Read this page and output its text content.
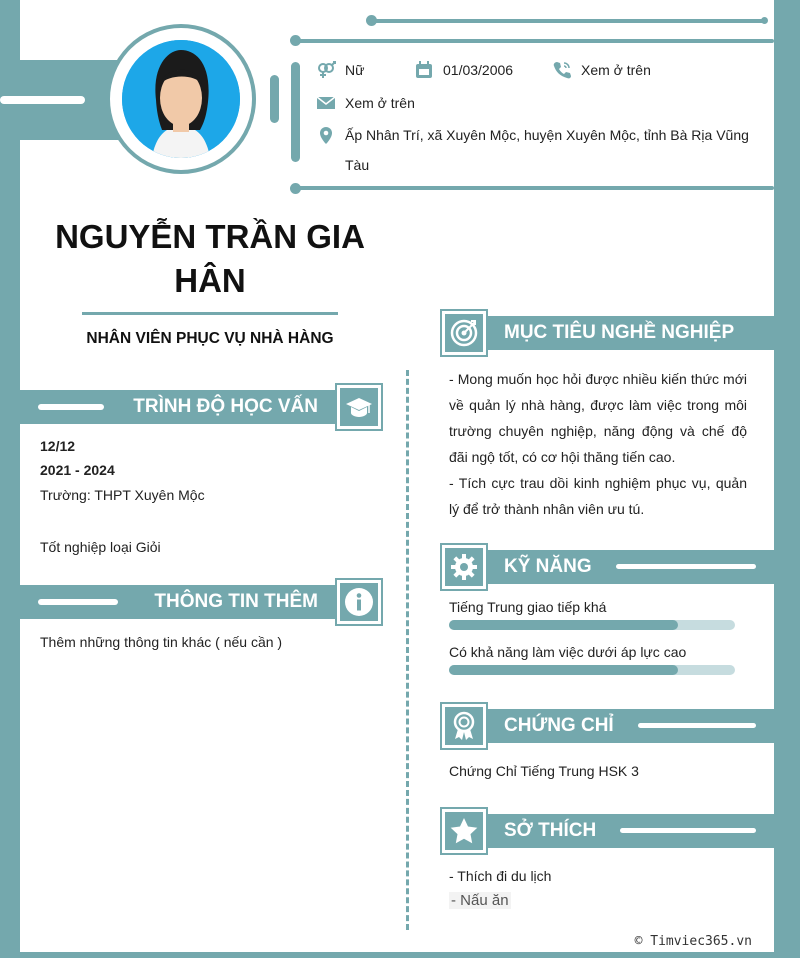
Nữ	01/03/2006	Xem ở trên
Xem ở trên
Ấp Nhân Trí, xã Xuyên Mộc, huyện Xuyên Mộc, tỉnh Bà Rịa Vũng
Tàu
NGUYỄN TRẦN GIA
HÂN
NHÂN VIÊN PHỤC VỤ NHÀ HÀNG
TRÌNH ĐỘ HỌC VẤN
12/12
2021 - 2024
Trường: THPT Xuyên Mộc
Tốt nghiệp loại Giỏi
THÔNG TIN THÊM
Thêm những thông tin khác ( nếu cần )
MỤC TIÊU NGHỀ NGHIỆP
- Mong muốn học hỏi được nhiều kiến thức mới về quản lý nhà hàng, được làm việc trong môi trường chuyên nghiệp, năng động và chế độ đãi ngộ tốt, có cơ hội thăng tiến cao.
- Tích cực trau dồi kinh nghiệm phục vụ, quản lý để trở thành nhân viên ưu tú.
KỸ NĂNG
Tiếng Trung giao tiếp khá
Có khả năng làm việc dưới áp lực cao
CHỨNG CHỈ
Chứng Chỉ Tiếng Trung HSK 3
SỞ THÍCH
- Thích đi du lịch
- Nấu ăn
© Timviec365.vn
